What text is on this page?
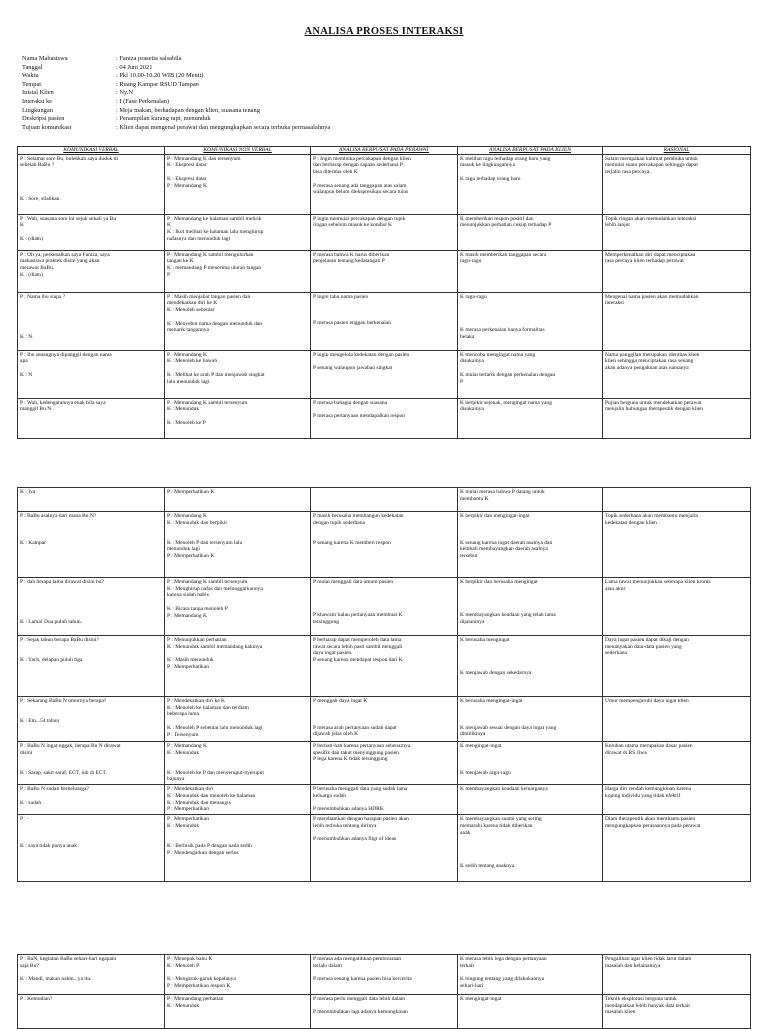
ANALISA PROSES INTERAKSI
Nama Mahasiswa	: Faniza prasetia salsabila
Tanggal	: 04 Juni 2021
Waktu	: Pkl 10.00-10.20 WIB (20 Menit)
Tempat	: Ruang Kampar RSUD Tampan
Inisial Klien	: Ny.N
Interaksi ke	: I (Fase Perkenalan)
Lingkungan	: Meja makan, berhadapan dengan klien, suasana tenang
Deskripsi pasien	: Penampilan kurang rapi, menunduk
Tujuan komunikasi	: Klien dapat mengenal perawat dan mengungkapkan secara terbuka permasalahnya
KOMUNIKASI VERBAL	KOMUNIKASI NON VERBAL	ANALISA BERPUSAT PADA PERAWAT	ANALISA BERPUSAT PADA KLIEN	RASIONAL

P : Selamat sore Bu, bolehkah saya duduk di
sebelah BaBu ?
K : Sore, silahkan.	P : Memandang K dan tersenyum
K : Ekspresi datar
K : Ekspresi datar
P : Memandang K	P : Ingin membuka percakapan dengan klien
dan berharap dengan sapaan sederhana P
bisa diterima oleh K
P merasa senang ada tanggapan atas salam
walaupun belum diekspresikan secara tulus	K melihat ragu terhadap orang baru yang
masuk ke lingkungannya
K ragu terhadap orang baru	Salam merupakan kalimat pembuka untuk
memulai suatu percakapan sehingga dapat
terjalin rasa percaya.

P : Wah, suasana sore ini sejuk sekali ya Bu
K
K : (diam)	P : Memandang ke halaman sambil melirik
K
K : Ikut melihat ke halaman lalu menghirup
nafasnya dan menunduk lagi	P ingin memulai percakapan dengan topik
ringan sebelum masuk ke kondisi K	K memberikan respon positif dan
menunjukkan perhatian cukup terhadap P	Topik ringan akan memudahkan interaksi
lebih lanjut

P : Oh ya, perkenalkan saya Faniza, saya
mahasiswa praktek disini yang akan
merawat BaBu.
K : (diam)	P : Memandang K sambil mengulurkan
tangan ke K
K : memandang P menerima uluran tangan
P	P merasa bahwa K harus diberikan
penjelasan tentang kedatangan P	K masih memberikan tanggapan secara
ragu-ragu	Memperkenalkan diri dapat menciptakan
rasa percaya klien terhadap perawat

P : Nama ibu siapa ?
K : N.	P : Masih menjabat tangan pasien dan
mendekatkan diri ke K
K : Menoleh sebentar
K : Menyebut nama dengan menunduk dan
menarik tangannya	P ingin tahu nama pasien
P merasa pasien enggan berkenalan	K ragu-ragu
K merasa perkenalan hanya formalitas
belaka	Mengenal nama pasien akan memudahkan
interaksi

P : Ibu senangnya dipanggil dengan nama
apa
K : N	P : Memandang K
K : Menoleh ke bawah
K : Melihat ke arah P dan menjawab singkat
lalu menunduk lagi	P ingin mengelola kedekatan dengan pasien
P senang walaupun jawaban singkat	K mencoba mengingat nama yang
disukainya
K mulai tertarik dengan perkenalan dengan
P	Nama panggilan merupakan identitas klien
klien sehingga menciptakan rasa senang
akan adanya pengakuan atas namanya

P : Wah, kedengarannya enak bila saya
manggil Bu N	P : Memandang K sambil tersenyum
K : Menunduk
K : Menoleh ke P	P merasa bahagia dengan suasana
P merasa pertanyaan mendapatkan respon	K berpikir sejenak, mengingat nama yang
disukainya	Pujian berguna untuk mendekatkan perawat
menjalin hubungan therapeutik dengan klien
K : Iya	P : Memperhatikan K		K mulai merasa bahwa P datang untuk
membantu K	

P : BaBu asalnya dari mana Bu N?
K : Kampar	P : Memandang K
K : Menunduk dan berpikir
K : Menoleh P dan tersenyum lalu
menunduk lagi
P : Memperhatikan K	P masih berusaha membangun kedekatan
dengan topik sederhana
P senang karena K memberi respon	K berpikir dan mengingat-ingat
K senang karena ingat daerah asalnya dan
kembali membayangkan daerah asalnya
tersebut	Topik sederhana akan membantu menjalin
kedekatan dengan klien

P : dah berapa lama dirawat disini bu?
K : Lama! Dua puluh tahun.	P : Memandang K sambil tersenyum
K : Menghirup nafas dan melonggarkannya
karena sudah habis
K : Bicara tanpa menoleh P
P : Memandang K	P mulai menggali data umum pasien
P khawatir kalau pertanyaan membuat K
tersinggung	K berpikir dan berusaha mengingat
K membayangkan keadaan yang telah lama
dijalaninya	Lama rawat menunjukkan seberapa klien kronis
atau akut

P : Sejak tahun berapa BaBu disini?
K : Yach, delapan puluh tiga	P : Menunjukkan perhatian
K : Menunduk sambil memandang kakinya
K : Masih menunduk
P : Memperhatikan	P berharap dapat memperoleh data lama
rawat secara lebih pasti sambil menggali
daya ingat pasien.
P senang karena mendapat respon dari K	K berusaha mengingat
K menjawab dengan sekedarnya	Daya ingat pasien dapat dikaji dengan
menanyakan data-data pasien yang
sederhana

P : Sekarang BaBu N umurnya berapa?
K : Em...54 tahun	P : Mendekatkan diri ke K
K : Menoleh ke halaman dan terdiam
beberapa lama
K : Menoleh P sebentar lalu menunduk lagi
P : Tersenyum	P menggali daya ingat K
P merasa arah pertanyaan sudah dapat
dijawab jelas oleh K	K berusaha mengingat-ingat
K menjawab sesuai dengan daya ingat yang
dimilikinya	Umur mempengaruhi daya ingat klien

P : BaBu N ingat nggak, berapa Bu N dirawat
disini
K : Sarap, sakit saraf, ECT, iuh di ECT.	P : Memandang K
K : Menunduk
K : Menoleh ke P dan menyeruput-nyeruput
bajunya	P berhati-hati karena pertanyaan sebenarnya
spesifik dan takut menyinggung pasien
P lega karena K tidak tersinggung	K mengingat-ingat
K menjawab ragu-ragu	Keluhan utama merupakan dasar pasien
dirawat di RS Jiwa

P : BaBu N sudah berkeluarga?
K : sudah	P : Mendekatkan diri
K : Menunduk dan menoleh ke halaman
K : Menunduk dan menangis
P : Memperhatikan	P berusaha menggali data yang sudah lama
keluarga sudah
P menumbuhkan adanya HDRK	K membayangkan keadaan keluarganya	Harga diri rendah kemungkinan karena
koping individu yang tidak efektif

P : -
K : saya tidak punya anak	P : Memperhatikan
K : Menunduk
K : Berbisik pada P dengan nada sedih
P : Mendengarkan dengan serius	P mendiamkan dengan harapan pasien akan
lebih terbuka tentang dirinya
P menumbuhkan adanya fligt of ideas	K membayangkan suami yang sering
memarahi karena tidak diberikan
anak
K sedih tentang anaknya	Diam therapeutik akan membantu pasien
mengungkapkan perasaannya pada perawat
P : BaN, kegiatan BaBu sehari-hari ngapain
saja Bu?
K : Mandi, makan nabm...ya itu.	P : Menepuk bahu K
K : Menoleh P
K : Mengaruk-garuk kepalanya
P : Memperhatikan respon K	P merasa ada mengalihkan pembicaraan
terlalu dalam
P merasa senang karena pasien bisa bercerita	K merasa lebih lega dengan pertanyaan
terkait
K bingung tentang yang dilakukannya
sehari-hari	Pengalihan agar klien tidak larut dalam
masalah dan kelainannya

P : Kemudian?	P : Memandang perhatian
K : Menunduk	P merasa perlu menggali data lebih dalam
P menumbuhkan lagi adanya kemungkinan	K mengingat-ingat	Teknik eksplorasi berguna untuk
mendapatkan lebih banyak data terkait
masalah klien
